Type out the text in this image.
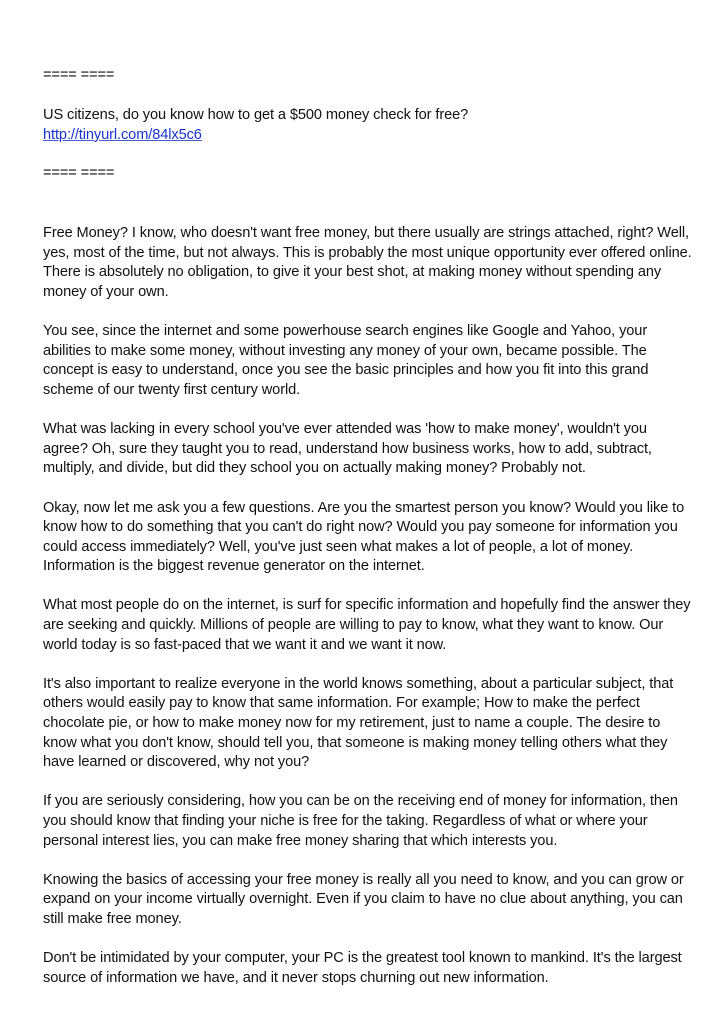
==== ====

US citizens, do you know how to get a $500 money check for free?

http://tinyurl.com/84lx5c6

==== ====

Free Money? I know, who doesn't want free money, but there usually are strings attached, right? Well, yes, most of the time, but not always. This is probably the most unique opportunity ever offered online. There is absolutely no obligation, to give it your best shot, at making money without spending any money of your own.

You see, since the internet and some powerhouse search engines like Google and Yahoo, your abilities to make some money, without investing any money of your own, became possible. The concept is easy to understand, once you see the basic principles and how you fit into this grand scheme of our twenty first century world.

What was lacking in every school you've ever attended was 'how to make money', wouldn't you agree? Oh, sure they taught you to read, understand how business works, how to add, subtract, multiply, and divide, but did they school you on actually making money? Probably not.

Okay, now let me ask you a few questions. Are you the smartest person you know? Would you like to know how to do something that you can't do right now? Would you pay someone for information you could access immediately? Well, you've just seen what makes a lot of people, a lot of money. Information is the biggest revenue generator on the internet.

What most people do on the internet, is surf for specific information and hopefully find the answer they are seeking and quickly. Millions of people are willing to pay to know, what they want to know. Our world today is so fast-paced that we want it and we want it now.

It's also important to realize everyone in the world knows something, about a particular subject, that others would easily pay to know that same information. For example; How to make the perfect chocolate pie, or how to make money now for my retirement, just to name a couple. The desire to know what you don't know, should tell you, that someone is making money telling others what they have learned or discovered, why not you?

If you are seriously considering, how you can be on the receiving end of money for information, then you should know that finding your niche is free for the taking. Regardless of what or where your personal interest lies, you can make free money sharing that which interests you.

Knowing the basics of accessing your free money is really all you need to know, and you can grow or expand on your income virtually overnight. Even if you claim to have no clue about anything, you can still make free money.

Don't be intimidated by your computer, your PC is the greatest tool known to mankind. It's the largest source of information we have, and it never stops churning out new information.
